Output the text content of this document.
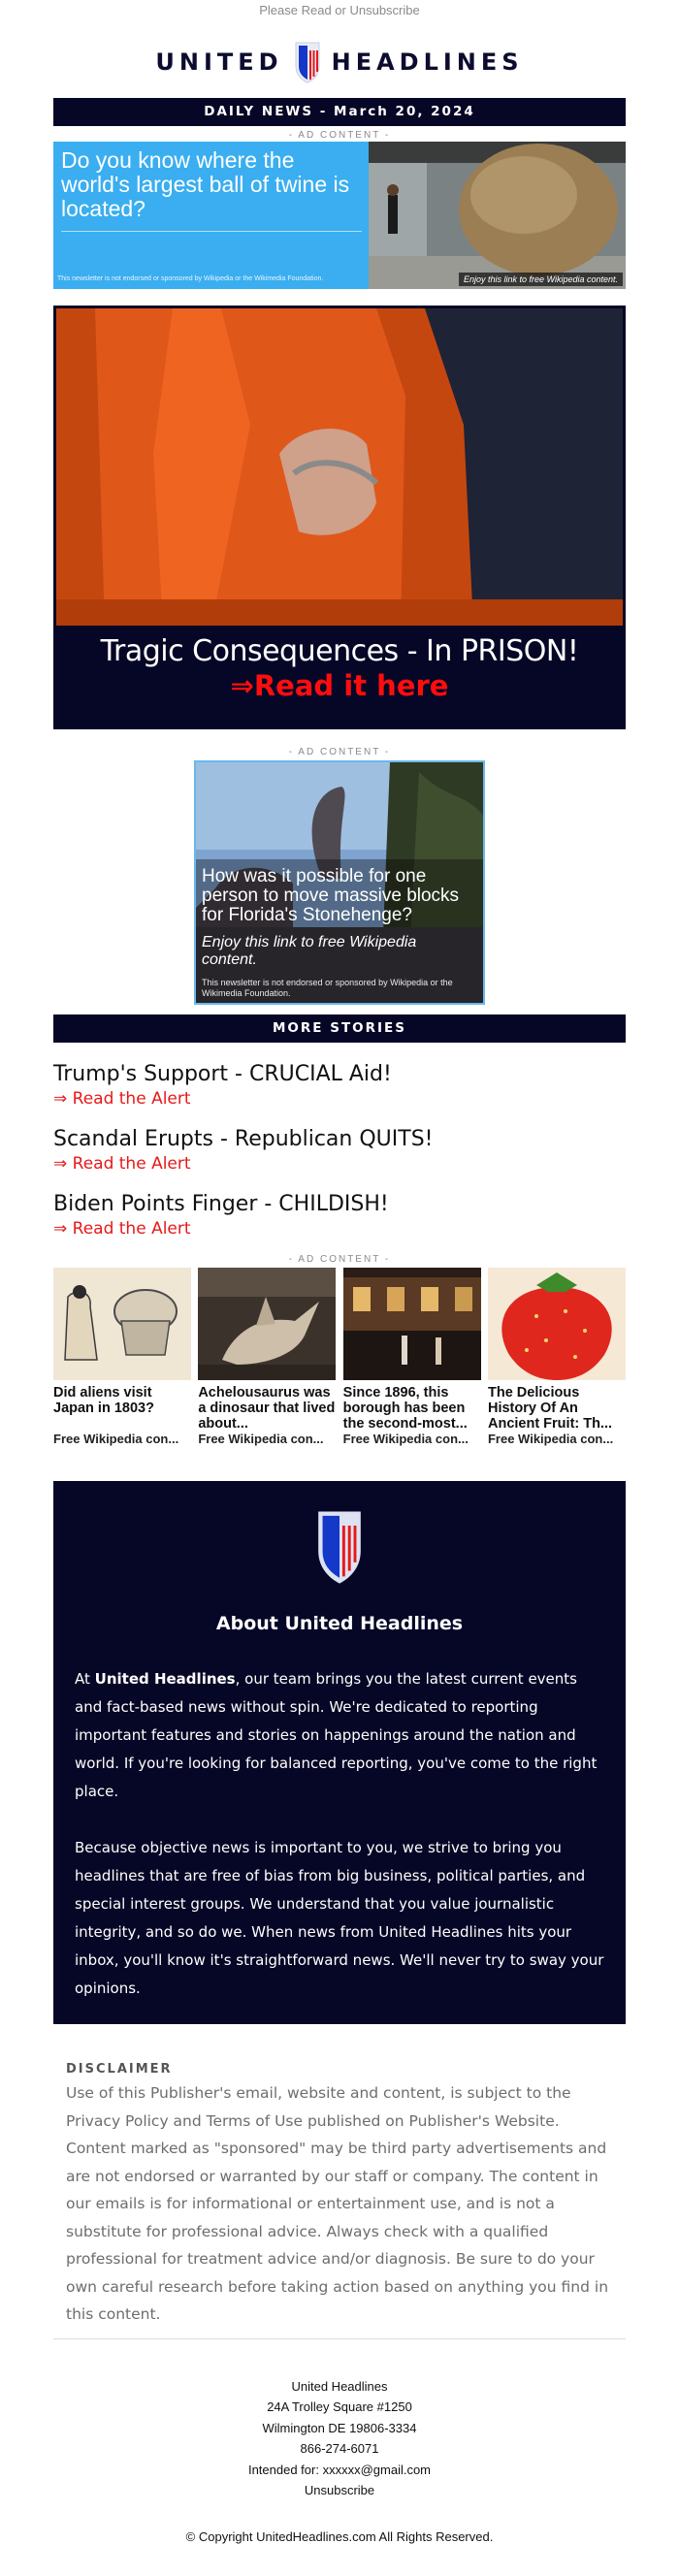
Please Read or Unsubscribe
UNITED HEADLINES
DAILY NEWS - March 20, 2024
- AD CONTENT -
Do you know where the world's largest ball of twine is located?
This newsletter is not endorsed or sponsored by Wikipedia or the Wikimedia Foundation.	Enjoy this link to free Wikipedia content.
Tragic Consequences - In PRISON!
⇒Read it here
- AD CONTENT -
How was it possible for one person to move massive blocks for Florida's Stonehenge?
Enjoy this link to free Wikipedia content.
This newsletter is not endorsed or sponsored by Wikipedia or the Wikimedia Foundation.
MORE STORIES
Trump's Support - CRUCIAL Aid!
⇒ Read the Alert
Scandal Erupts - Republican QUITS!
⇒ Read the Alert
Biden Points Finger - CHILDISH!
⇒ Read the Alert
- AD CONTENT -
Did aliens visit Japan in 1803?
Free Wikipedia con...
Achelousaurus was a dinosaur that lived about...
Free Wikipedia con...
Since 1896, this borough has been the second-most...
Free Wikipedia con...
The Delicious History Of An Ancient Fruit: Th...
Free Wikipedia con...
About United Headlines

At United Headlines, our team brings you the latest current events and fact-based news without spin. We're dedicated to reporting important features and stories on happenings around the nation and world. If you're looking for balanced reporting, you've come to the right place.

Because objective news is important to you, we strive to bring you headlines that are free of bias from big business, political parties, and special interest groups. We understand that you value journalistic integrity, and so do we. When news from United Headlines hits your inbox, you'll know it's straightforward news. We'll never try to sway your opinions.

DISCLAIMER
Use of this Publisher's email, website and content, is subject to the Privacy Policy and Terms of Use published on Publisher's Website. Content marked as "sponsored" may be third party advertisements and are not endorsed or warranted by our staff or company. The content in our emails is for informational or entertainment use, and is not a substitute for professional advice. Always check with a qualified professional for treatment advice and/or diagnosis. Be sure to do your own careful research before taking action based on anything you find in this content.
United Headlines
24A Trolley Square #1250
Wilmington DE 19806-3334
866-274-6071
Intended for: xxxxxx@gmail.com
Unsubscribe
© Copyright UnitedHeadlines.com All Rights Reserved.
